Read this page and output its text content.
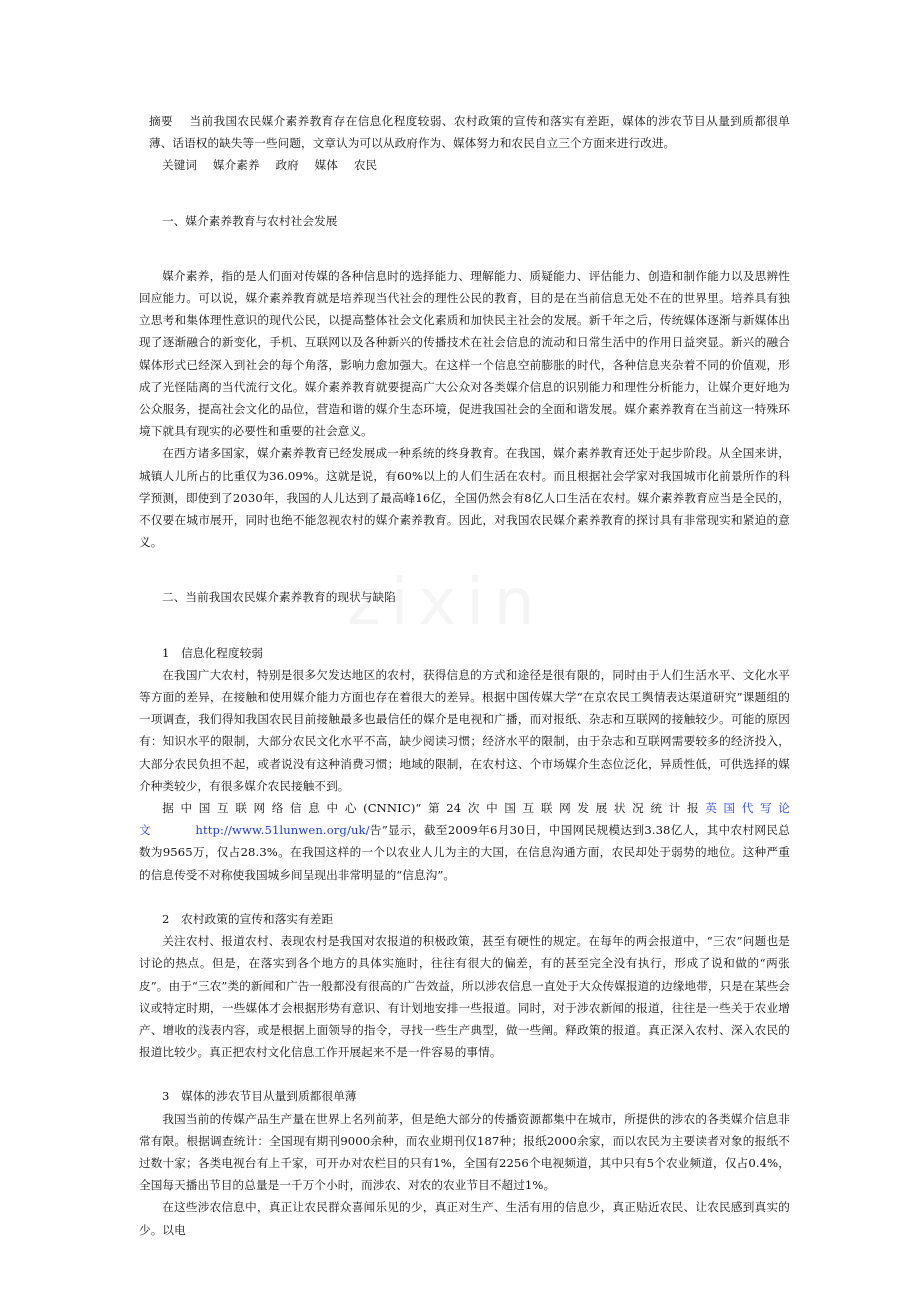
zixin

摘要 当前我国农民媒介素养教育存在信息化程度较弱、农村政策的宣传和落实有差距，媒体的涉农节目从量到质都很单薄、话语权的缺失等一些问题，文章认为可以从政府作为、媒体努力和农民自立三个方面来进行改进。

关键词 媒介素养 政府 媒体 农民

一、媒介素养教育与农村社会发展

媒介素养，指的是人们面对传媒的各种信息时的选择能力、理解能力、质疑能力、评估能力、创造和制作能力以及思辨性回应能力。可以说，媒介素养教育就是培养现当代社会的理性公民的教育，目的是在当前信息无处不在的世界里。培养具有独立思考和集体理性意识的现代公民，以提高整体社会文化素质和加快民主社会的发展。新千年之后，传统媒体逐渐与新媒体出现了逐渐融合的新变化，手机、互联网以及各种新兴的传播技术在社会信息的流动和日常生活中的作用日益突显。新兴的融合媒体形式已经深入到社会的每个角落，影响力愈加强大。在这样一个信息空前膨胀的时代，各种信息夹杂着不同的价值观，形成了光怪陆离的当代流行文化。媒介素养教育就要提高广大公众对各类媒介信息的识别能力和理性分析能力，让媒介更好地为公众服务，提高社会文化的品位，营造和谐的媒介生态环境，促进我国社会的全面和谐发展。媒介素养教育在当前这一特殊环境下就具有现实的必要性和重要的社会意义。

在西方诸多国家，媒介素养教育已经发展成一种系统的终身教育。在我国，媒介素养教育还处于起步阶段。从全国来讲，城镇人儿所占的比重仅为36.09%。这就是说，有60%以上的人们生活在农村。而且根据社会学家对我国城市化前景所作的科学预测，即使到了2030年，我国的人儿达到了最高峰16亿，全国仍然会有8亿人口生活在农村。媒介素养教育应当是全民的，不仅要在城市展开，同时也绝不能忽视农村的媒介素养教育。因此，对我国农民媒介素养教育的探讨具有非常现实和紧迫的意义。

二、当前我国农民媒介素养教育的现状与缺陷

1　信息化程度较弱

在我国广大农村，特别是很多欠发达地区的农村，获得信息的方式和途径是很有限的，同时由于人们生活水平、文化水平等方面的差异，在接触和使用媒介能力方面也存在着很大的差异。根据中国传媒大学“在京农民工舆情表达渠道研究”课题组的一项调查，我们得知我国农民目前接触最多也最信任的媒介是电视和广播，而对报纸、杂志和互联网的接触较少。可能的原因有：知识水平的限制，大部分农民文化水平不高，缺少阅读习惯；经济水平的限制，由于杂志和互联网需要较多的经济投入，大部分农民负担不起，或者说没有这种消费习惯；地域的限制，在农村这、个市场媒介生态位泛化，异质性低，可供选择的媒介种类较少，有很多媒介农民接触不到。

据中国互联网络信息中心(CNNIC)“第24次中国互联网发展状况统计报英国代写论文	http://www.51lunwen.org/uk/告”显示，截至2009年6月30日，中国网民规模达到3.38亿人，其中农村网民总数为9565万，仅占28.3%。在我国这样的一个以农业人儿为主的大国，在信息沟通方面，农民却处于弱势的地位。这种严重的信息传受不对称使我国城乡间呈现出非常明显的“信息沟”。

2　农村政策的宣传和落实有差距

关注农村、报道农村、表现农村是我国对农报道的积极政策，甚至有硬性的规定。在每年的两会报道中，“三农”问题也是讨论的热点。但是，在落实到各个地方的具体实施时，往往有很大的偏差，有的甚至完全没有执行，形成了说和做的“两张皮”。由于“三农”类的新闻和广告一般都没有很高的广告效益，所以涉农信息一直处于大众传媒报道的边缘地带，只是在某些会议或特定时期，一些媒体才会根据形势有意识、有计划地安排一些报道。同时，对于涉农新闻的报道，往往是一些关于农业增产、增收的浅表内容，或是根据上面领导的指令，寻找一些生产典型，做一些阐。释政策的报道。真正深入农村、深入农民的报道比较少。真正把农村文化信息工作开展起来不是一件容易的事情。

3　媒体的涉农节目从量到质都很单薄

我国当前的传媒产品生产量在世界上名列前茅，但是绝大部分的传播资源都集中在城市，所提供的涉农的各类媒介信息非常有限。根据调查统计：全国现有期刊9000余种，而农业期刊仅187种；报纸2000余家，而以农民为主要读者对象的报纸不过数十家；各类电视台有上千家，可开办对农栏目的只有1%，全国有2256个电视频道，其中只有5个农业频道，仅占0.4%，全国每天播出节目的总量是一千万个小时，而涉农、对农的农业节目不超过1%。

在这些涉农信息中，真正让农民群众喜闻乐见的少，真正对生产、生活有用的信息少，真正贴近农民、让农民感到真实的少。以电
